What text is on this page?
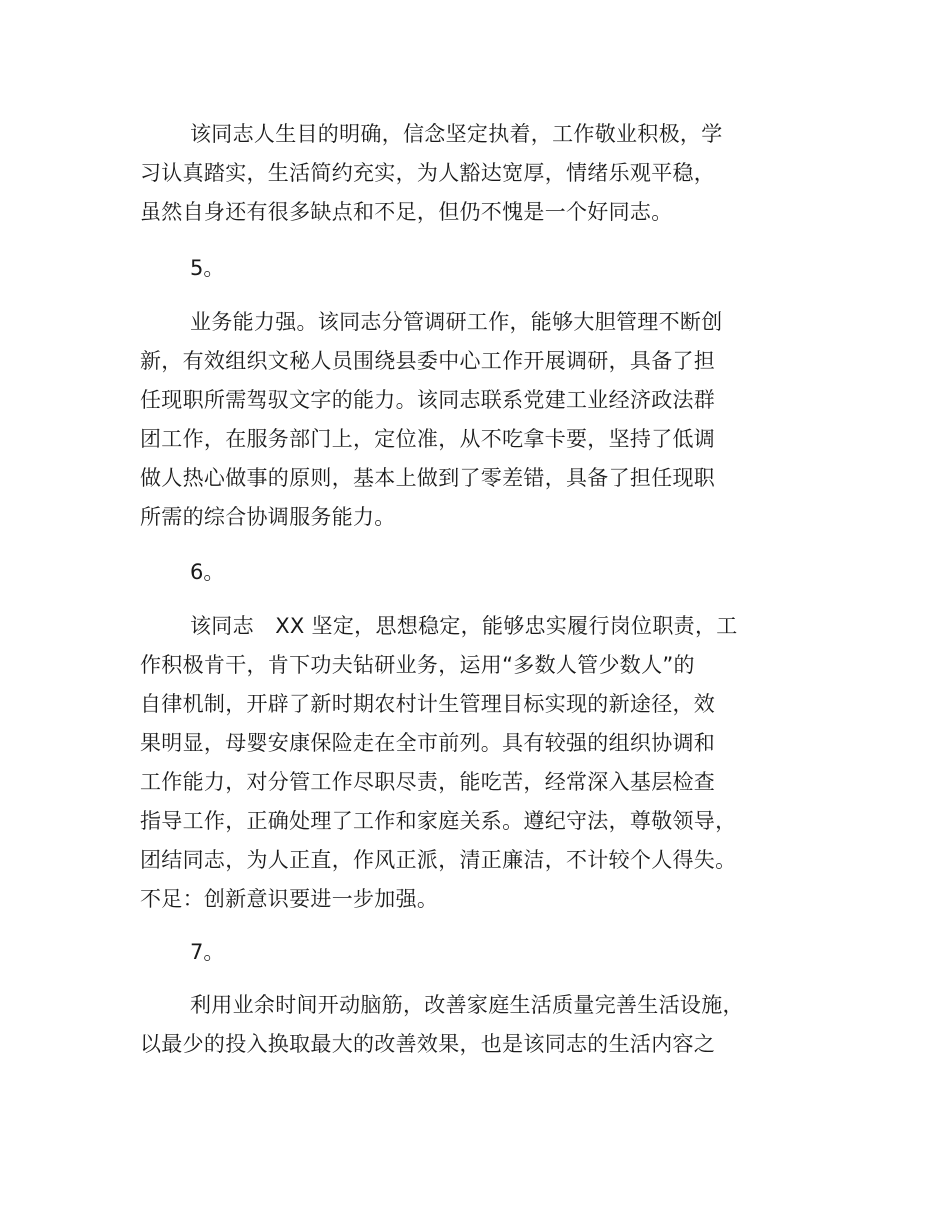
该同志人生目的明确，信念坚定执着，工作敬业积极，学
习认真踏实，生活简约充实，为人豁达宽厚，情绪乐观平稳，
虽然自身还有很多缺点和不足，但仍不愧是一个好同志。
5。
业务能力强。该同志分管调研工作，能够大胆管理不断创
新，有效组织文秘人员围绕县委中心工作开展调研，具备了担
任现职所需驾驭文字的能力。该同志联系党建工业经济政法群
团工作，在服务部门上，定位准，从不吃拿卡要，坚持了低调
做人热心做事的原则，基本上做到了零差错，具备了担任现职
所需的综合协调服务能力。
6。
该同志　XX 坚定，思想稳定，能够忠实履行岗位职责，工
作积极肯干，肯下功夫钻研业务，运用“多数人管少数人”的
自律机制，开辟了新时期农村计生管理目标实现的新途径，效
果明显，母婴安康保险走在全市前列。具有较强的组织协调和
工作能力，对分管工作尽职尽责，能吃苦，经常深入基层检查
指导工作，正确处理了工作和家庭关系。遵纪守法，尊敬领导，
团结同志，为人正直，作风正派，清正廉洁，不计较个人得失。
不足：创新意识要进一步加强。
7。
利用业余时间开动脑筋，改善家庭生活质量完善生活设施，
以最少的投入换取最大的改善效果，也是该同志的生活内容之
